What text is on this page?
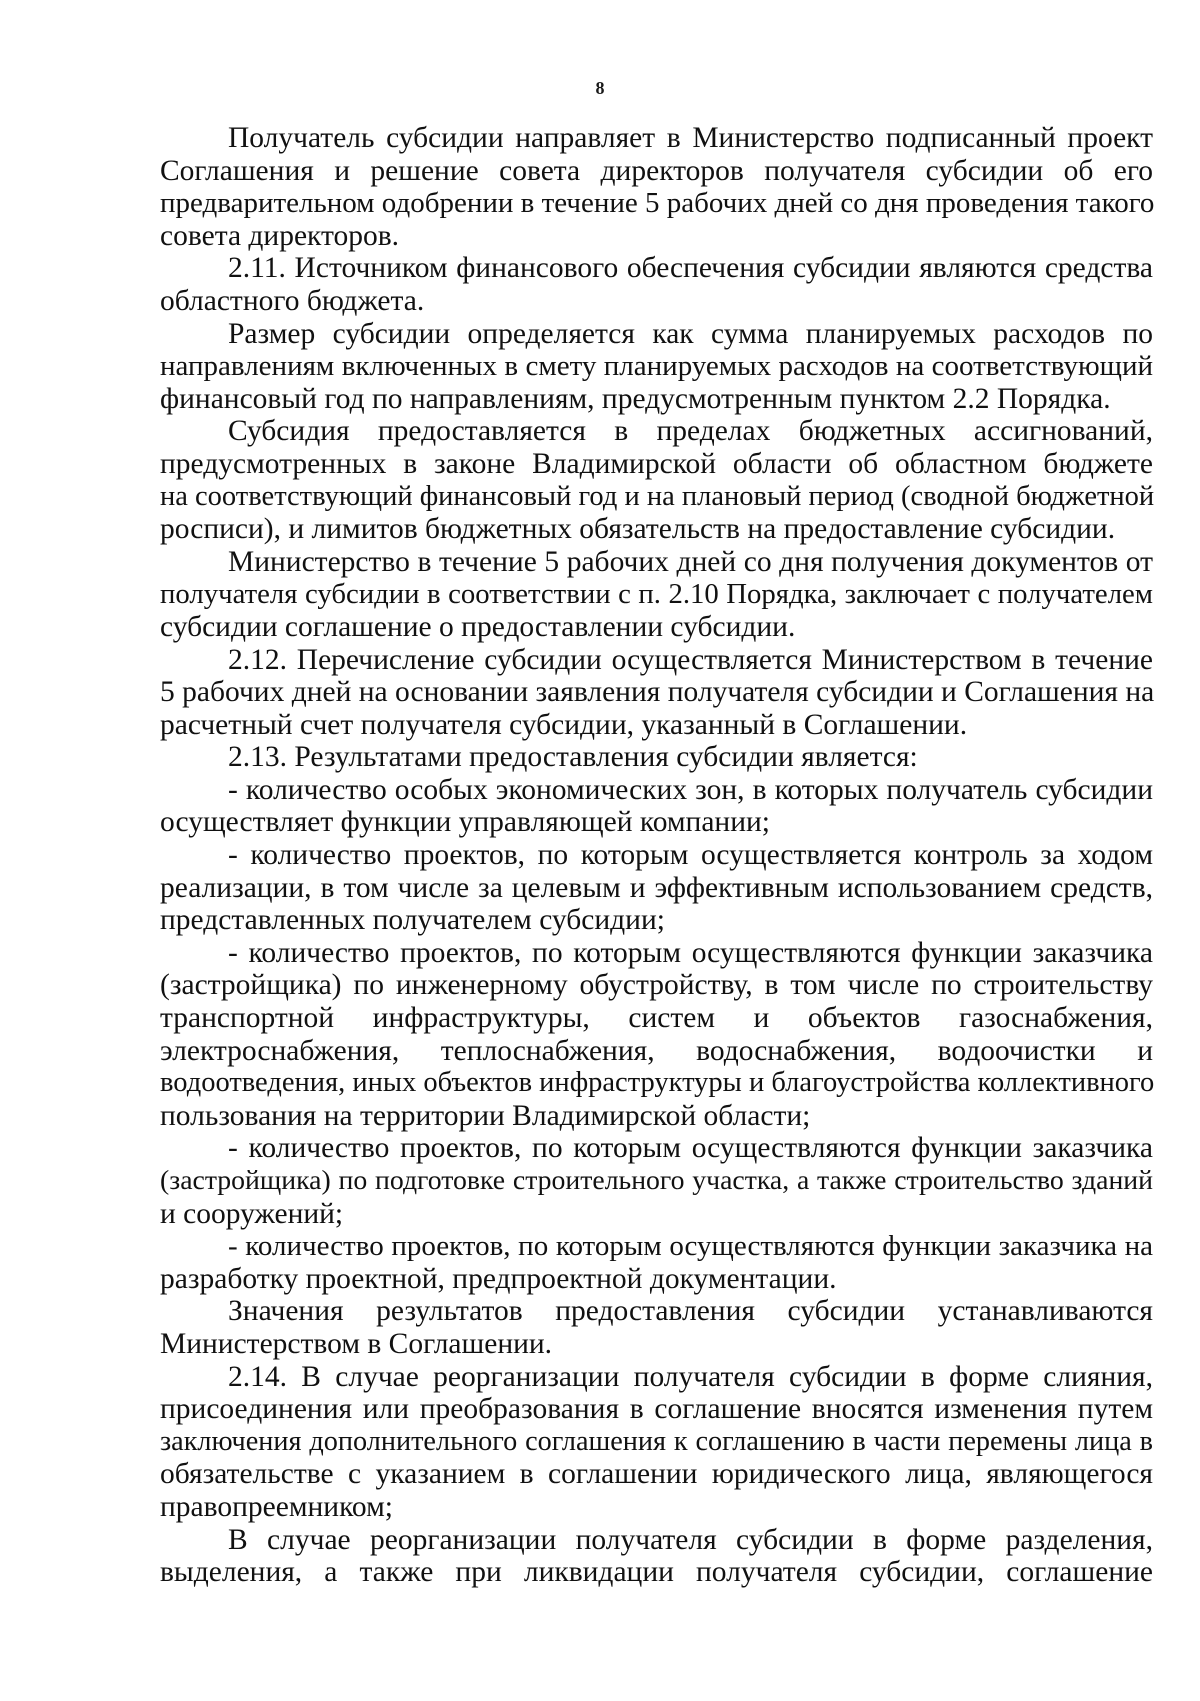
8
Получатель субсидии направляет в Министерство подписанный проект
Соглашения и решение совета директоров получателя субсидии об его
предварительном одобрении в течение 5 рабочих дней со дня проведения такого
совета директоров.
2.11. Источником финансового обеспечения субсидии являются средства
областного бюджета.
Размер субсидии определяется как сумма планируемых расходов по
направлениям включенных в смету планируемых расходов на соответствующий
финансовый год по направлениям, предусмотренным пунктом 2.2 Порядка.
Субсидия предоставляется в пределах бюджетных ассигнований,
предусмотренных в законе Владимирской области об областном бюджете
на соответствующий финансовый год и на плановый период (сводной бюджетной
росписи), и лимитов бюджетных обязательств на предоставление субсидии.
Министерство в течение 5 рабочих дней со дня получения документов от
получателя субсидии в соответствии с п. 2.10 Порядка, заключает с получателем
субсидии соглашение о предоставлении субсидии.
2.12. Перечисление субсидии осуществляется Министерством в течение
5 рабочих дней на основании заявления получателя субсидии и Соглашения на
расчетный счет получателя субсидии, указанный в Соглашении.
2.13. Результатами предоставления субсидии является:
- количество особых экономических зон, в которых получатель субсидии
осуществляет функции управляющей компании;
- количество проектов, по которым осуществляется контроль за ходом
реализации, в том числе за целевым и эффективным использованием средств,
представленных получателем субсидии;
- количество проектов, по которым осуществляются функции заказчика
(застройщика) по инженерному обустройству, в том числе по строительству
транспортной инфраструктуры, систем и объектов газоснабжения,
электроснабжения, теплоснабжения, водоснабжения, водоочистки и
водоотведения, иных объектов инфраструктуры и благоустройства коллективного
пользования на территории Владимирской области;
- количество проектов, по которым осуществляются функции заказчика
(застройщика) по подготовке строительного участка, а также строительство зданий
и сооружений;
- количество проектов, по которым осуществляются функции заказчика на
разработку проектной, предпроектной документации.
Значения результатов предоставления субсидии устанавливаются
Министерством в Соглашении.
2.14. В случае реорганизации получателя субсидии в форме слияния,
присоединения или преобразования в соглашение вносятся изменения путем
заключения дополнительного соглашения к соглашению в части перемены лица в
обязательстве с указанием в соглашении юридического лица, являющегося
правопреемником;
В случае реорганизации получателя субсидии в форме разделения,
выделения, а также при ликвидации получателя субсидии, соглашение
